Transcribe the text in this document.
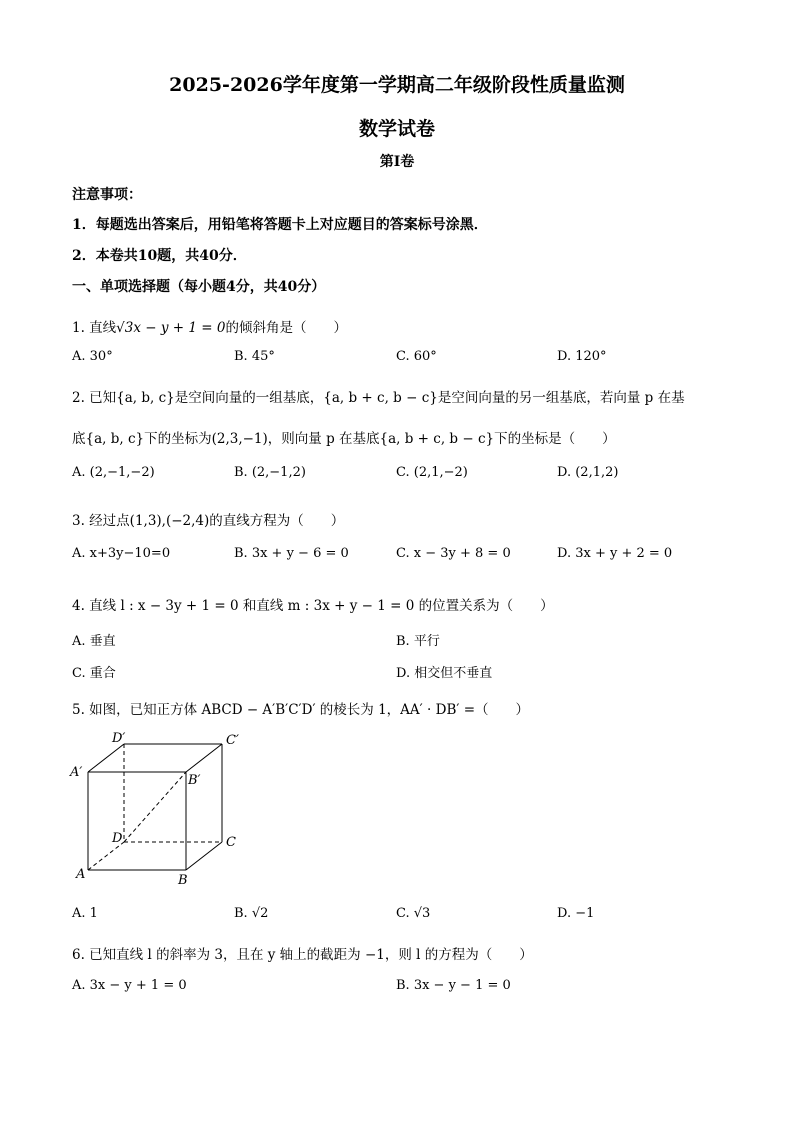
2025-2026学年度第一学期高二年级阶段性质量监测
数学试卷
第Ⅰ卷
注意事项：
1．每题选出答案后，用铅笔将答题卡上对应题目的答案标号涂黑．
2．本卷共10题，共40分．
一、单项选择题（每小题4分，共40分）
1. 直线√3x − y + 1 = 0的倾斜角是（　　）
A. 30°	B. 45°	C. 60°	D. 120°
2. 已知{a, b, c}是空间向量的一组基底，{a, b + c, b − c}是空间向量的另一组基底，若向量 p 在基
底{a, b, c}下的坐标为(2,3,−1)，则向量 p 在基底{a, b + c, b − c}下的坐标是（　　）
A. (2,−1,−2)	B. (2,−1,2)	C. (2,1,−2)	D. (2,1,2)
3. 经过点(1,3),(−2,4)的直线方程为（　　）
A. x+3y−10=0	B. 3x + y − 6 = 0	C. x − 3y + 8 = 0	D. 3x + y + 2 = 0
4. 直线 l : x − 3y + 1 = 0 和直线 m : 3x + y − 1 = 0 的位置关系为（　　）
A. 垂直	B. 平行
C. 重合	D. 相交但不垂直
5. 如图，已知正方体 ABCD − A′B′C′D′ 的棱长为 1，AA′ · DB′ =（　　）
D′	C′
A′
B′
D	C
A	B
A. 1	B. √2	C. √3	D. −1
6. 已知直线 l 的斜率为 3，且在 y 轴上的截距为 −1，则 l 的方程为（　　）
A. 3x − y + 1 = 0	B. 3x − y − 1 = 0
